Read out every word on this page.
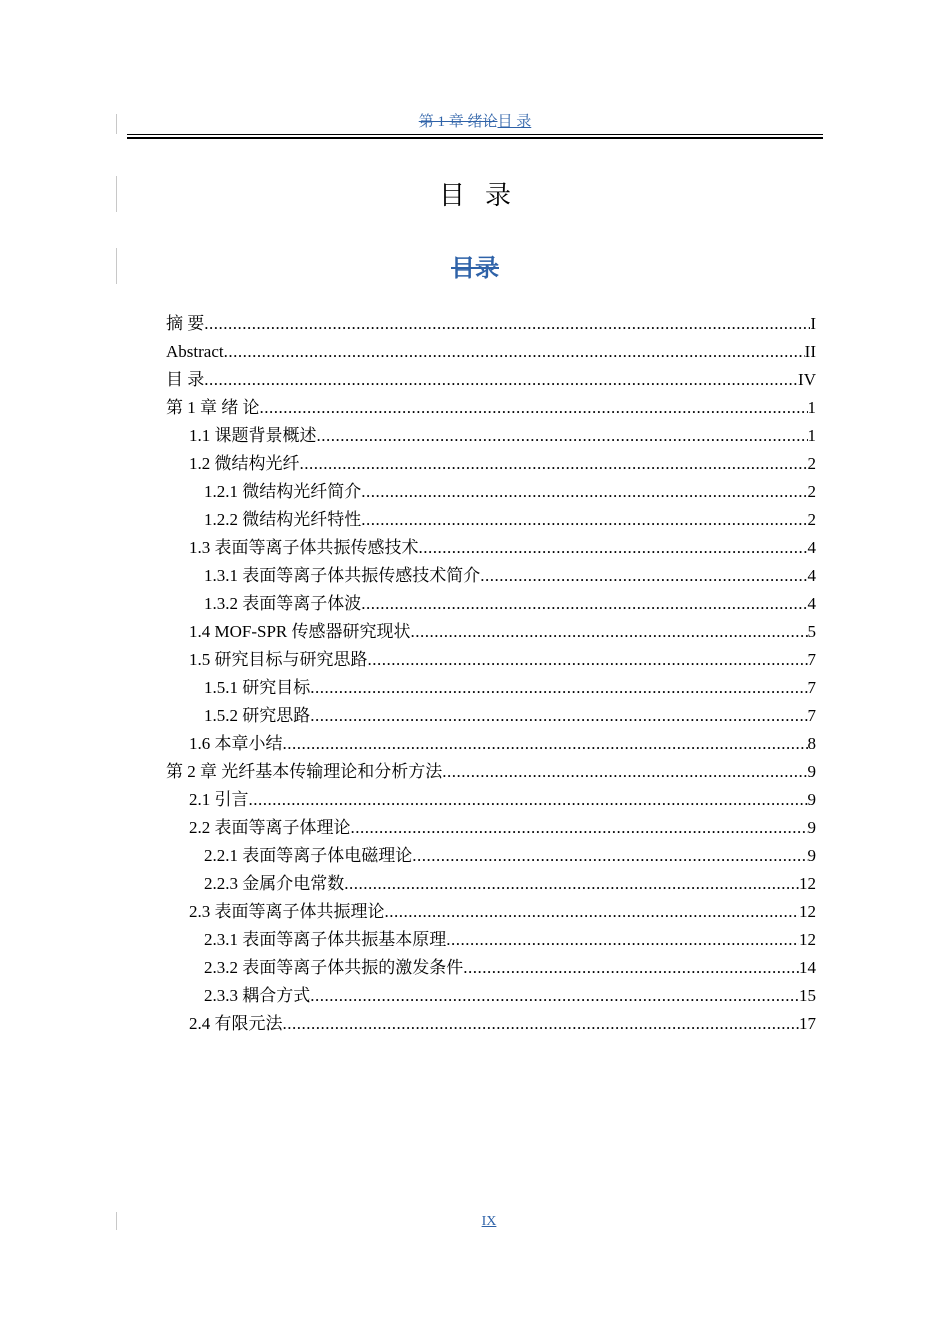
第 1 章 绪论目 录
目录
目录
摘 要 .....	I
Abstract .....	II
目 录 .....	IV
第 1 章 绪 论 .....	1
1.1 课题背景概述 .....	1
1.2 微结构光纤 .....	2
1.2.1 微结构光纤简介 .....	2
1.2.2 微结构光纤特性 .....	2
1.3 表面等离子体共振传感技术 .....	4
1.3.1 表面等离子体共振传感技术简介 .....	4
1.3.2 表面等离子体波 .....	4
1.4 MOF-SPR 传感器研究现状 .....	5
1.5 研究目标与研究思路 .....	7
1.5.1 研究目标 .....	7
1.5.2 研究思路 .....	7
1.6 本章小结 .....	8
第 2 章 光纤基本传输理论和分析方法 .....	9
2.1 引言 .....	9
2.2 表面等离子体理论 .....	9
2.2.1 表面等离子体电磁理论 .....	9
2.2.3 金属介电常数 .....	12
2.3 表面等离子体共振理论 .....	12
2.3.1 表面等离子体共振基本原理 .....	12
2.3.2 表面等离子体共振的激发条件 .....	14
2.3.3 耦合方式 .....	15
2.4 有限元法 .....	17
IX
